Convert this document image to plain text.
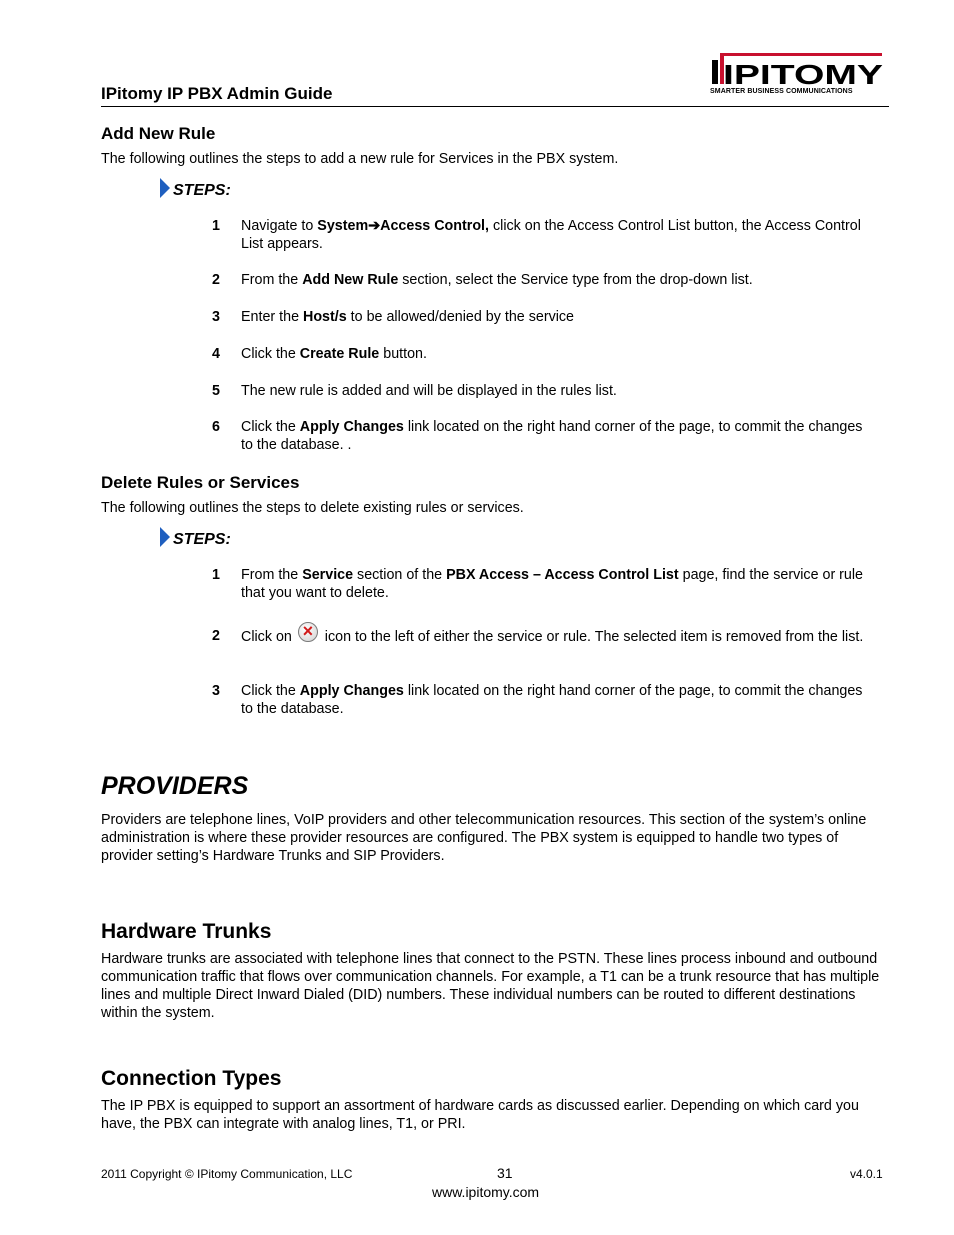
IPitomy IP PBX Admin Guide
IPITOMY
SMARTER BUSINESS COMMUNICATIONS
Add New Rule
The following outlines the steps to add a new rule for Services in the PBX system.
STEPS:
1	Navigate to System➔Access Control, click on the Access Control List button, the Access Control List appears.
2	From the Add New Rule section, select the Service type from the drop-down list.
3	Enter the Host/s to be allowed/denied by the service
4	Click the Create Rule button.
5	The new rule is added and will be displayed in the rules list.
6	Click the Apply Changes link located on the right hand corner of the page, to commit the changes to the database. .
Delete Rules or Services
The following outlines the steps to delete existing rules or services.
STEPS:
1	From the Service section of the PBX Access – Access Control List page, find the service or rule that you want to delete.
2	Click on × icon to the left of either the service or rule. The selected item is removed from the list.
3	Click the Apply Changes link located on the right hand corner of the page, to commit the changes to the database.
PROVIDERS
Providers are telephone lines, VoIP providers and other telecommunication resources. This section of the system’s online administration is where these provider resources are configured. The PBX system is equipped to handle two types of provider setting’s Hardware Trunks and SIP Providers.
Hardware Trunks
Hardware trunks are associated with telephone lines that connect to the PSTN. These lines process inbound and outbound communication traffic that flows over communication channels. For example, a T1 can be a trunk resource that has multiple lines and multiple Direct Inward Dialed (DID) numbers. These individual numbers can be routed to different destinations within the system.
Connection Types
The IP PBX is equipped to support an assortment of hardware cards as discussed earlier. Depending on which card you have, the PBX can integrate with analog lines, T1, or PRI.
2011 Copyright © IPitomy Communication, LLC	31
www.ipitomy.com
v4.0.1
